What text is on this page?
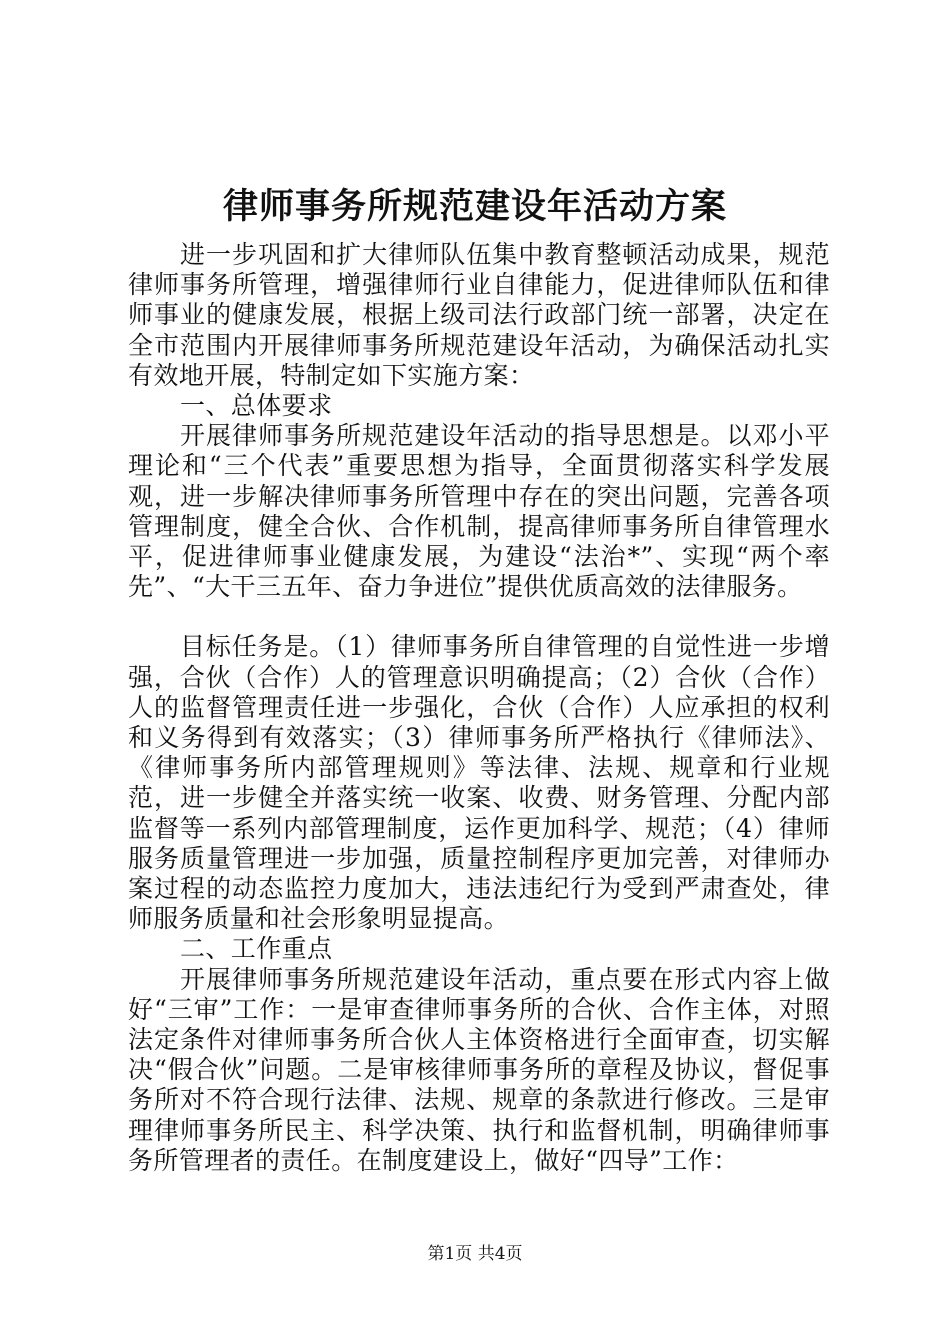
律师事务所规范建设年活动方案

进一步巩固和扩大律师队伍集中教育整顿活动成果，规范律师事务所管理，增强律师行业自律能力，促进律师队伍和律师事业的健康发展，根据上级司法行政部门统一部署，决定在全市范围内开展律师事务所规范建设年活动，为确保活动扎实有效地开展，特制定如下实施方案：

一、总体要求

开展律师事务所规范建设年活动的指导思想是。以邓小平理论和“三个代表”重要思想为指导，全面贯彻落实科学发展观，进一步解决律师事务所管理中存在的突出问题，完善各项管理制度，健全合伙、合作机制，提高律师事务所自律管理水平，促进律师事业健康发展，为建设“法治*”、实现“两个率先”、“大干三五年、奋力争进位”提供优质高效的法律服务。

目标任务是。（1）律师事务所自律管理的自觉性进一步增强，合伙（合作）人的管理意识明确提高；（2）合伙（合作）人的监督管理责任进一步强化，合伙（合作）人应承担的权利和义务得到有效落实；（3）律师事务所严格执行《律师法》、《律师事务所内部管理规则》等法律、法规、规章和行业规范，进一步健全并落实统一收案、收费、财务管理、分配内部监督等一系列内部管理制度，运作更加科学、规范；（4）律师服务质量管理进一步加强，质量控制程序更加完善，对律师办案过程的动态监控力度加大，违法违纪行为受到严肃查处，律师服务质量和社会形象明显提高。

二、工作重点

开展律师事务所规范建设年活动，重点要在形式内容上做好“三审”工作：一是审查律师事务所的合伙、合作主体，对照法定条件对律师事务所合伙人主体资格进行全面审查，切实解决“假合伙”问题。二是审核律师事务所的章程及协议，督促事务所对不符合现行法律、法规、规章的条款进行修改。三是审理律师事务所民主、科学决策、执行和监督机制，明确律师事务所管理者的责任。在制度建设上，做好“四导”工作：

第1页 共4页
